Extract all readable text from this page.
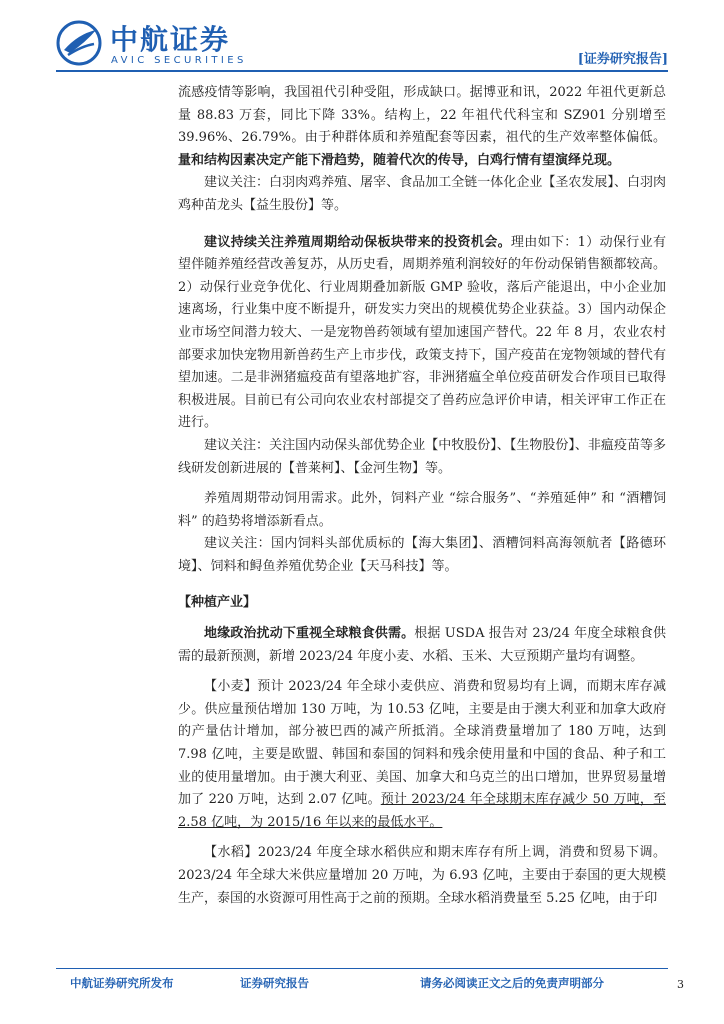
中航证券
AVIC SECURITIES	[证券研究报告]

流感疫情等影响，我国祖代引种受阻，形成缺口。据博亚和讯，2022 年祖代更新总量 88.83 万套，同比下降 33%。结构上，22 年祖代代科宝和 SZ901 分别增至 39.96%、26.79%。由于种群体质和养殖配套等因素，祖代的生产效率整体偏低。量和结构因素决定产能下滑趋势，随着代次的传导，白鸡行情有望演绎兑现。

建议关注：白羽肉鸡养殖、屠宰、食品加工全链一体化企业【圣农发展】、白羽肉鸡种苗龙头【益生股份】等。

建议持续关注养殖周期给动保板块带来的投资机会。理由如下：1）动保行业有望伴随养殖经营改善复苏，从历史看，周期养殖利润较好的年份动保销售额都较高。2）动保行业竞争优化、行业周期叠加新版 GMP 验收，落后产能退出，中小企业加速离场，行业集中度不断提升，研发实力突出的规模优势企业获益。3）国内动保企业市场空间潜力较大、一是宠物兽药领域有望加速国产替代。22 年 8 月，农业农村部要求加快宠物用新兽药生产上市步伐，政策支持下，国产疫苗在宠物领域的替代有望加速。二是非洲猪瘟疫苗有望落地扩容，非洲猪瘟全单位疫苗研发合作项目已取得积极进展。目前已有公司向农业农村部提交了兽药应急评价申请，相关评审工作正在进行。

建议关注：关注国内动保头部优势企业【中牧股份】、【生物股份】、非瘟疫苗等多线研发创新进展的【普莱柯】、【金河生物】等。

养殖周期带动饲用需求。此外，饲料产业 “综合服务”、“养殖延伸” 和 “酒糟饲料” 的趋势将增添新看点。

建议关注：国内饲料头部优质标的【海大集团】、酒糟饲料高海领航者【路德环境】、饲料和鲟鱼养殖优势企业【天马科技】等。

【种植产业】

地缘政治扰动下重视全球粮食供需。根据 USDA 报告对 23/24 年度全球粮食供需的最新预测，新增 2023/24 年度小麦、水稻、玉米、大豆预期产量均有调整。

【小麦】预计 2023/24 年全球小麦供应、消费和贸易均有上调，而期末库存减少。供应量预估增加 130 万吨，为 10.53 亿吨，主要是由于澳大利亚和加拿大政府的产量估计增加，部分被巴西的减产所抵消。全球消费量增加了 180 万吨，达到 7.98 亿吨，主要是欧盟、韩国和泰国的饲料和残余使用量和中国的食品、种子和工业的使用量增加。由于澳大利亚、美国、加拿大和乌克兰的出口增加，世界贸易量增加了 220 万吨，达到 2.07 亿吨。预计 2023/24 年全球期末库存减少 50 万吨，至 2.58 亿吨，为 2015/16 年以来的最低水平。

【水稻】2023/24 年度全球水稻供应和期末库存有所上调，消费和贸易下调。2023/24 年全球大米供应量增加 20 万吨，为 6.93 亿吨，主要由于泰国的更大规模生产，泰国的水资源可用性高于之前的预期。全球水稻消费量至 5.25 亿吨，由于印

中航证券研究所发布	证券研究报告	请务必阅读正文之后的免责声明部分	3
